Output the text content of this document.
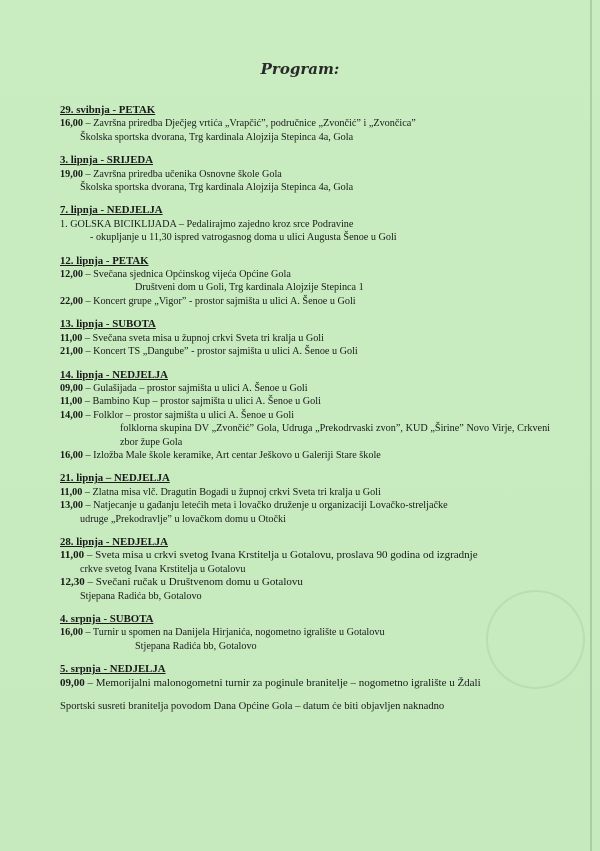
Program:
29. svibnja - PETAK
16,00 – Završna priredba Dječjeg vrtića „Vrapčić”, područnice „Zvončić” i „Zvončica”
Školska sportska dvorana, Trg kardinala Alojzija Stepinca 4a, Gola
3. lipnja - SRIJEDA
19,00 – Završna priredba učenika Osnovne škole Gola
Školska sportska dvorana, Trg kardinala Alojzija Stepinca 4a, Gola
7. lipnja - NEDJELJA
1. GOLSKA BICIKLIJADA – Pedalirajmo zajedno kroz srce Podravine
- okupljanje u 11,30 ispred vatrogasnog doma u ulici Augusta Šenoe u Goli
12. lipnja - PETAK
12,00 – Svečana sjednica Općinskog vijeća Općine Gola
Društveni dom u Goli, Trg kardinala Alojzije Stepinca 1
22,00 – Koncert grupe „Vigor” - prostor sajmišta u ulici A. Šenoe u Goli
13. lipnja - SUBOTA
11,00 – Svečana sveta misa u župnoj crkvi Sveta tri kralja u Goli
21,00 – Koncert TS „Dangube” - prostor sajmišta u ulici A. Šenoe u Goli
14. lipnja - NEDJELJA
09,00 – Gulašijada – prostor sajmišta u ulici A. Šenoe u Goli
11,00 – Bambino Kup – prostor sajmišta u ulici A. Šenoe u Goli
14,00 – Folklor – prostor sajmišta u ulici A. Šenoe u Goli
folklorna skupina DV „Zvončić” Gola, Udruga „Prekodrvaski zvon”, KUD „Širine” Novo Virje, Crkveni zbor župe Gola
16,00 – Izložba Male škole keramike, Art centar Ješkovo u Galeriji Stare škole
21. lipnja – NEDJELJA
11,00 – Zlatna misa vlč. Dragutin Bogadi u župnoj crkvi Sveta tri kralja u Goli
13,00 – Natjecanje u gađanju letećih meta i lovačko druženje u organizaciji Lovačko-streljačke
udruge „Prekodravlje” u lovačkom domu u Otočki
28. lipnja - NEDJELJA
11,00 – Sveta misa u crkvi svetog Ivana Krstitelja u Gotalovu, proslava 90 godina od izgradnje
crkve svetog Ivana Krstitelja u Gotalovu
12,30 – Svečani ručak u Društvenom domu u Gotalovu
Stjepana Radića bb, Gotalovo
4. srpnja - SUBOTA
16,00 – Turnir u spomen na Danijela Hirjanića, nogometno igralište u Gotalovu
Stjepana Radića bb, Gotalovo
5. srpnja - NEDJELJA
09,00 – Memorijalni malonogometni turnir za poginule branitelje – nogometno igralište u Ždali
Sportski susreti branitelja povodom Dana Općine Gola – datum će biti objavljen naknadno
